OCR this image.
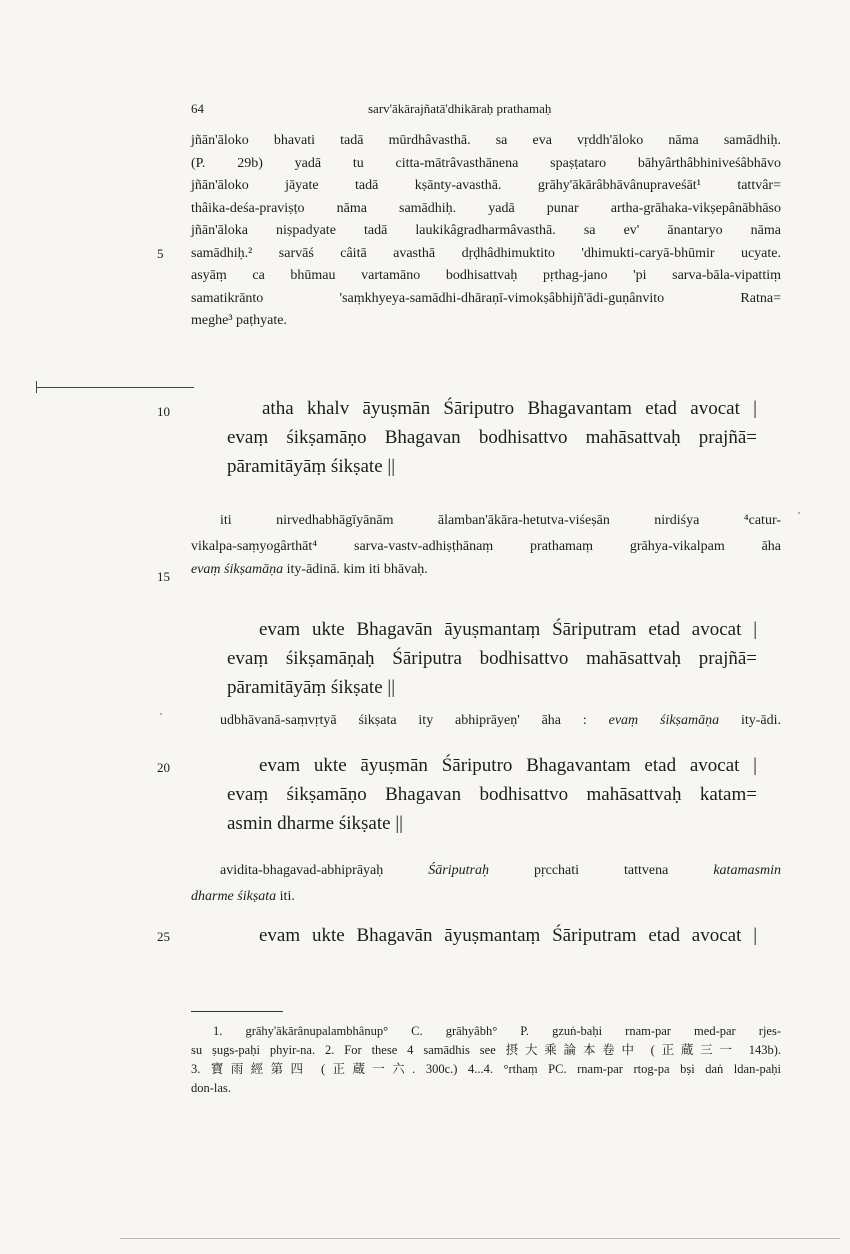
64	sarv'ākārajñatā'dhikāraḥ prathamaḥ
5
10
15
20
25

jñān'āloko bhavati tadā mūrdhâvasthā. sa eva vṛddh'āloko nāma samādhiḥ.
(P. 29b) yadā tu citta-mātrâvasthānena spaṣṭataro bāhyârthâbhiniveśâbhāvo
jñān'āloko jāyate tadā kṣānty-avasthā. grāhy'ākārâbhāvânupraveśāt¹ tattvâr=
thâika-deśa-praviṣṭo nāma samādhiḥ. yadā punar artha-grāhaka-vikṣepânābhāso
jñān'āloka niṣpadyate tadā laukikâgradharmâvasthā. sa ev' ānantaryo nāma
samādhiḥ.² sarvāś câitā avasthā dṛḍhâdhimuktito 'dhimukti-caryā-bhūmir ucyate.
asyāṃ ca bhūmau vartamāno bodhisattvaḥ pṛthag-jano 'pi sarva-bāla-vipattiṃ
samatikrānto 'saṃkhyeya-samādhi-dhāraṇī-vimokṣâbhijñ'ādi-guṇânvito Ratna=
meghe³ paṭhyate.

atha khalv āyuṣmān Śāriputro Bhagavantam etad avocat |

evaṃ śikṣamāṇo Bhagavan bodhisattvo mahāsattvaḥ prajñā=
pāramitāyāṃ śikṣate ||

iti nirvedhabhāgīyānām ālamban'ākāra-hetutva-viśeṣān nirdiśya ⁴catur-

vikalpa-saṃyogârthāt⁴ sarva-vastv-adhiṣṭhānaṃ prathamaṃ grāhya-vikalpam āha
evaṃ śikṣamāṇa ity-ādinā. kim iti bhāvaḥ.

evam ukte Bhagavān āyuṣmantaṃ Śāriputram etad avocat |

evaṃ śikṣamāṇaḥ Śāriputra bodhisattvo mahāsattvaḥ prajñā=
pāramitāyāṃ śikṣate ||

udbhāvanā-saṃvṛtyā śikṣata ity abhiprāyeṇ' āha : evaṃ śikṣamāṇa ity-ādi.

evam ukte āyuṣmān Śāriputro Bhagavantam etad avocat |

evaṃ śikṣamāṇo Bhagavan bodhisattvo mahāsattvaḥ katam=
asmin dharme śikṣate ||

avidita-bhagavad-abhiprāyaḥ	Śāriputraḥ	pṛcchati tattvena	katamasmin

dharme śikṣata iti.

evam ukte Bhagavān āyuṣmantaṃ Śāriputram etad avocat |

1. grāhy'ākārânupalambhânup° C. grāhyâbh° P. gzuṅ-baḥi rnam-par med-par rjes-
su ṣugs-paḥi phyir-na. 2. For these 4 samādhis see 摂大乘論本卷中 (正蔵三一 143b).
3. 寶雨經第四 (正蔵一六. 300c.) 4...4. °rthaṃ PC. rnam-par rtog-pa bṣi daṅ ldan-paḥi
don-las.
